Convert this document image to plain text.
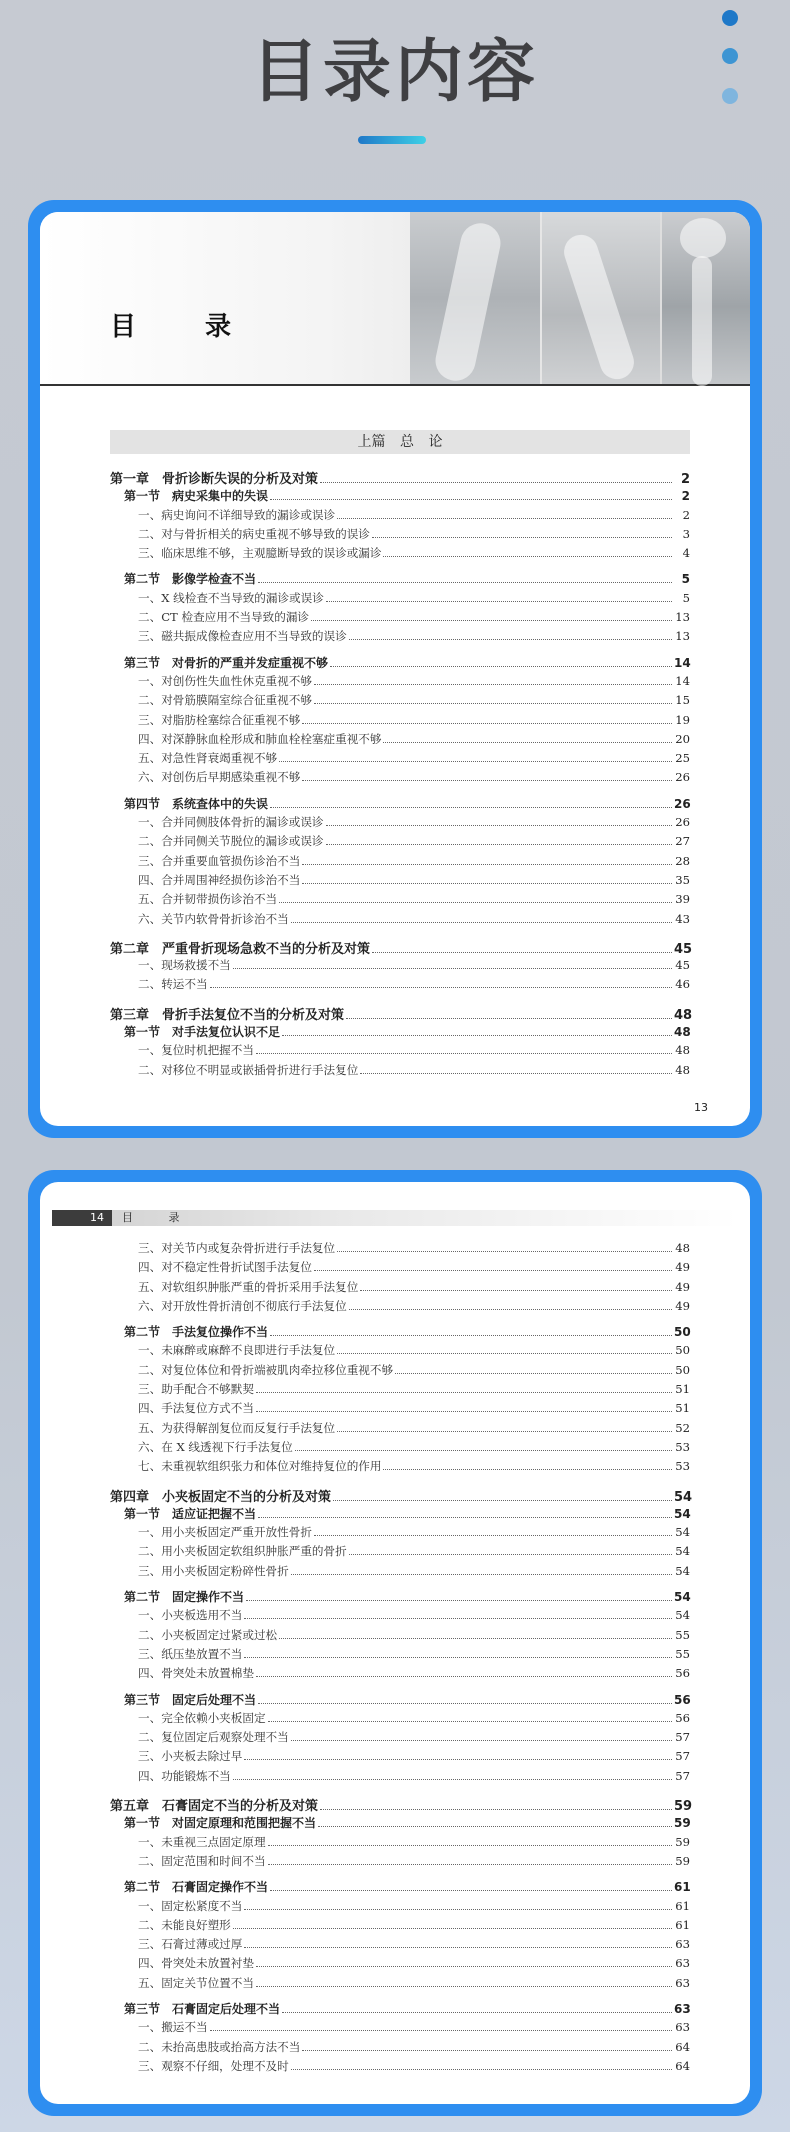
目录内容
目 录
上篇 总 论
第一章　骨折诊断失误的分析及对策	2
第一节　病史采集中的失误	2
一、病史询问不详细导致的漏诊或误诊	2
二、对与骨折相关的病史重视不够导致的误诊	3
三、临床思维不够，主观臆断导致的误诊或漏诊	4
第二节　影像学检查不当	5
一、X 线检查不当导致的漏诊或误诊	5
二、CT 检查应用不当导致的漏诊	13
三、磁共振成像检查应用不当导致的误诊	13
第三节　对骨折的严重并发症重视不够	14
一、对创伤性失血性休克重视不够	14
二、对骨筋膜隔室综合征重视不够	15
三、对脂肪栓塞综合征重视不够	19
四、对深静脉血栓形成和肺血栓栓塞症重视不够	20
五、对急性肾衰竭重视不够	25
六、对创伤后早期感染重视不够	26
第四节　系统查体中的失误	26
一、合并同侧肢体骨折的漏诊或误诊	26
二、合并同侧关节脱位的漏诊或误诊	27
三、合并重要血管损伤诊治不当	28
四、合并周围神经损伤诊治不当	35
五、合并韧带损伤诊治不当	39
六、关节内软骨骨折诊治不当	43
第二章　严重骨折现场急救不当的分析及对策	45
一、现场救援不当	45
二、转运不当	46
第三章　骨折手法复位不当的分析及对策	48
第一节　对手法复位认识不足	48
一、复位时机把握不当	48
二、对移位不明显或嵌插骨折进行手法复位	48
13
14 目 录
三、对关节内或复杂骨折进行手法复位	48
四、对不稳定性骨折试图手法复位	49
五、对软组织肿胀严重的骨折采用手法复位	49
六、对开放性骨折清创不彻底行手法复位	49
第二节　手法复位操作不当	50
一、未麻醉或麻醉不良即进行手法复位	50
二、对复位体位和骨折端被肌肉牵拉移位重视不够	50
三、助手配合不够默契	51
四、手法复位方式不当	51
五、为获得解剖复位而反复行手法复位	52
六、在 X 线透视下行手法复位	53
七、未重视软组织张力和体位对维持复位的作用	53
第四章　小夹板固定不当的分析及对策	54
第一节　适应证把握不当	54
一、用小夹板固定严重开放性骨折	54
二、用小夹板固定软组织肿胀严重的骨折	54
三、用小夹板固定粉碎性骨折	54
第二节　固定操作不当	54
一、小夹板选用不当	54
二、小夹板固定过紧或过松	55
三、纸压垫放置不当	55
四、骨突处未放置棉垫	56
第三节　固定后处理不当	56
一、完全依赖小夹板固定	56
二、复位固定后观察处理不当	57
三、小夹板去除过早	57
四、功能锻炼不当	57
第五章　石膏固定不当的分析及对策	59
第一节　对固定原理和范围把握不当	59
一、未重视三点固定原理	59
二、固定范围和时间不当	59
第二节　石膏固定操作不当	61
一、固定松紧度不当	61
二、未能良好塑形	61
三、石膏过薄或过厚	63
四、骨突处未放置衬垫	63
五、固定关节位置不当	63
第三节　石膏固定后处理不当	63
一、搬运不当	63
二、未抬高患肢或抬高方法不当	64
三、观察不仔细，处理不及时	64
